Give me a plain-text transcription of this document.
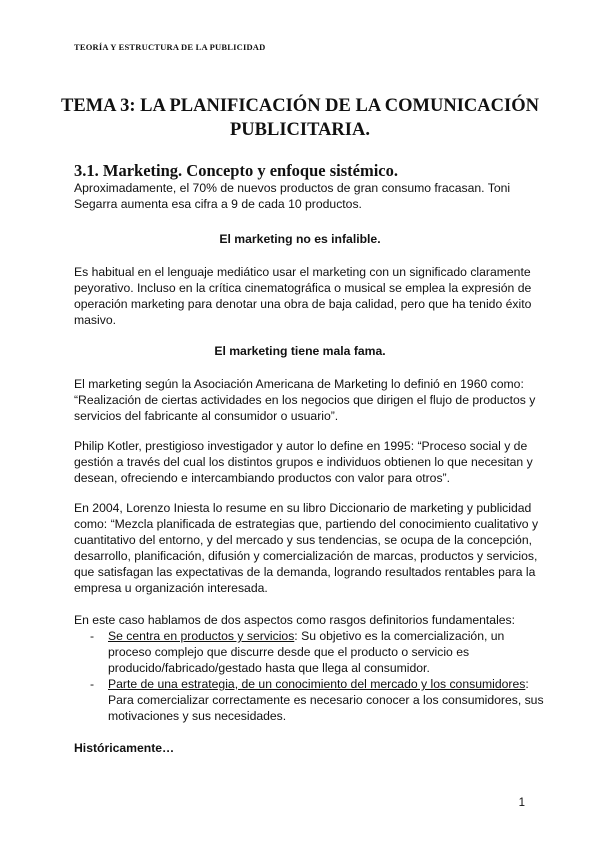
TEORÍA Y ESTRUCTURA DE LA PUBLICIDAD
TEMA 3: LA PLANIFICACIÓN DE LA COMUNICACIÓN
PUBLICITARIA.
3.1. Marketing. Concepto y enfoque sistémico.
Aproximadamente, el 70% de nuevos productos de gran consumo fracasan. Toni Segarra aumenta esa cifra a 9 de cada 10 productos.
El marketing no es infalible.
Es habitual en el lenguaje mediático usar el marketing con un significado claramente peyorativo. Incluso en la crítica cinematográfica o musical se emplea la expresión de operación marketing para denotar una obra de baja calidad, pero que ha tenido éxito masivo.
El marketing tiene mala fama.
El marketing según la Asociación Americana de Marketing lo definió en 1960 como: “Realización de ciertas actividades en los negocios que dirigen el flujo de productos y servicios del fabricante al consumidor o usuario”.
Philip Kotler, prestigioso investigador y autor lo define en 1995: “Proceso social y de gestión a través del cual los distintos grupos e individuos obtienen lo que necesitan y desean, ofreciendo e intercambiando productos con valor para otros”.
En 2004, Lorenzo Iniesta lo resume en su libro Diccionario de marketing y publicidad como: “Mezcla planificada de estrategias que, partiendo del conocimiento cualitativo y cuantitativo del entorno, y del mercado y sus tendencias, se ocupa de la concepción, desarrollo, planificación, difusión y comercialización de marcas, productos y servicios, que satisfagan las expectativas de la demanda, logrando resultados rentables para la empresa u organización interesada.
En este caso hablamos de dos aspectos como rasgos definitorios fundamentales:
- Se centra en productos y servicios: Su objetivo es la comercialización, un proceso complejo que discurre desde que el producto o servicio es producido/fabricado/gestado hasta que llega al consumidor.
- Parte de una estrategia, de un conocimiento del mercado y los consumidores: Para comercializar correctamente es necesario conocer a los consumidores, sus motivaciones y sus necesidades.
Históricamente…
1
